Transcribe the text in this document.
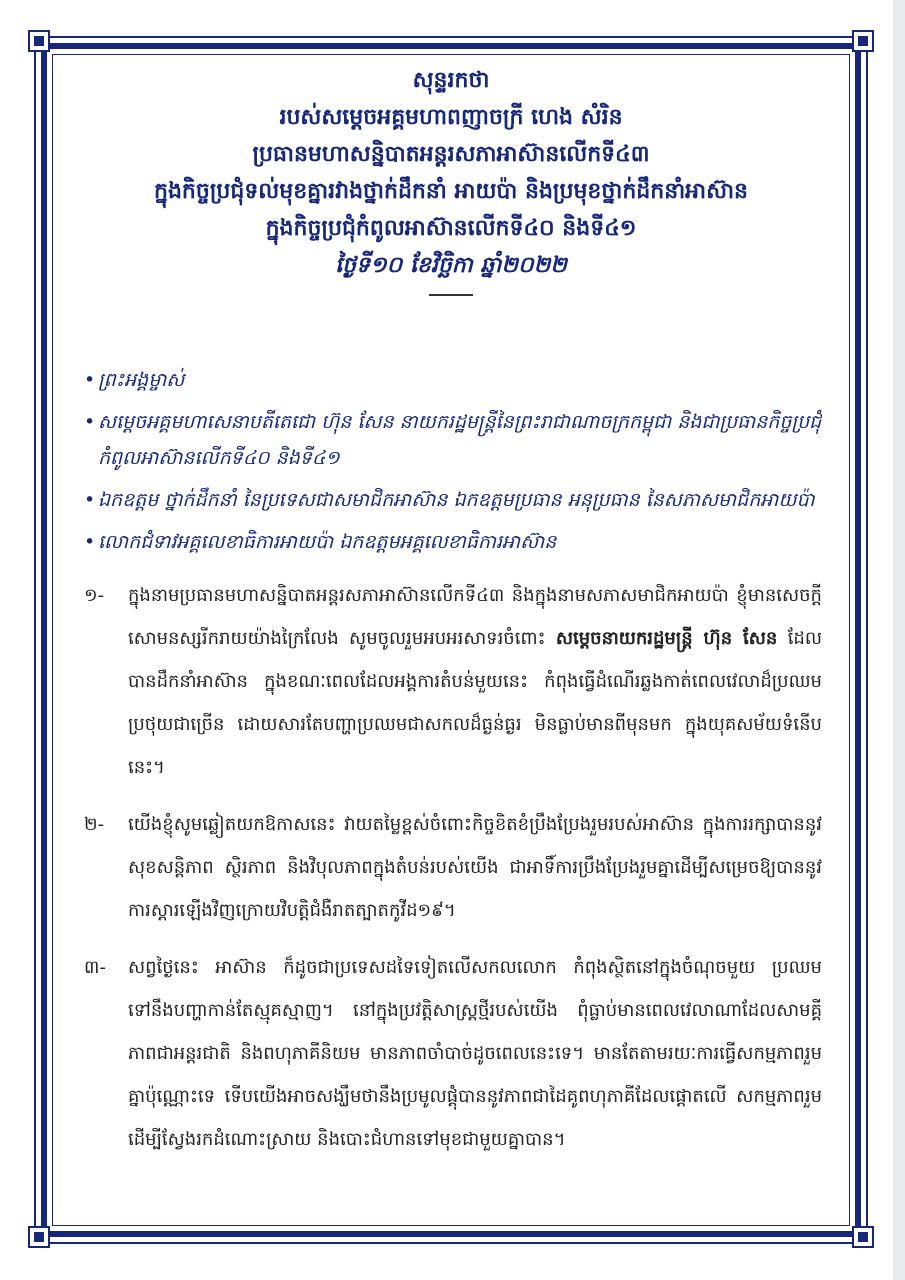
សុន្ទរកថា
របស់សម្ដេចអគ្គមហាពញាចក្រី ហេង សំរិន
ប្រធានមហាសន្និបាតអន្តរសភាអាស៊ានលើកទី៤៣
ក្នុងកិច្ចប្រជុំទល់មុខគ្នារវាងថ្នាក់ដឹកនាំ អាយប៉ា និងប្រមុខថ្នាក់ដឹកនាំអាស៊ាន
ក្នុងកិច្ចប្រជុំកំពូលអាស៊ានលើកទី៤០ និងទី៤១
ថ្ងៃទី១០ ខែវិច្ឆិកា ឆ្នាំ២០២២
• ព្រះអង្គម្ចាស់
• សម្ដេចអគ្គមហាសេនាបតីតេជោ ហ៊ុន សែន នាយករដ្ឋមន្ត្រីនៃព្រះរាជាណាចក្រកម្ពុជា និងជាប្រធានកិច្ចប្រជុំកំពូលអាស៊ានលើកទី៤០ និងទី៤១
• ឯកឧត្តម ថ្នាក់ដឹកនាំ នៃប្រទេសជាសមាជិកអាស៊ាន ឯកឧត្តមប្រធាន អនុប្រធាន នៃសភាសមាជិកអាយប៉ា
• លោកជំទាវអគ្គលេខាធិការអាយប៉ា ឯកឧត្តមអគ្គលេខាធិការអាស៊ាន
១- ក្នុងនាមប្រធានមហាសន្និបាតអន្តរសភាអាស៊ានលើកទី៤៣ និងក្នុងនាមសភាសមាជិកអាយប៉ា ខ្ញុំមានសេចក្ដីសោមនស្សរីករាយយ៉ាងក្រៃលែង សូមចូលរួមអបអរសាទរចំពោះ សម្ដេចនាយករដ្ឋមន្ត្រី ហ៊ុន សែន ដែលបានដឹកនាំអាស៊ាន ក្នុងខណៈពេលដែលអង្គការតំបន់មួយនេះ កំពុងធ្វើដំណើរឆ្លងកាត់ពេលវេលាដ៏ប្រឈមប្រថុយជាច្រើន ដោយសារតែបញ្ហាប្រឈមជាសកលដ៏ធ្ងន់ធ្ងរ មិនធ្លាប់មានពីមុនមក ក្នុងយុគសម័យទំនើបនេះ។
២- យើងខ្ញុំសូមឆ្លៀតយកឱកាសនេះ វាយតម្លៃខ្ពស់ចំពោះកិច្ចខិតខំប្រឹងប្រែងរួមរបស់អាស៊ាន ក្នុងការរក្សាបាននូវសុខសន្តិភាព ស្ថិរភាព និងវិបុលភាពក្នុងតំបន់របស់យើង ជាអាទិ៍ការប្រឹងប្រែងរួមគ្នាដើម្បីសម្រេចឱ្យបាននូវការស្តារឡើងវិញក្រោយវិបត្តិជំងឺរាតត្បាតកូវីដ១៩។
៣- សព្វថ្ងៃនេះ អាស៊ាន ក៏ដូចជាប្រទេសដទៃទៀតលើសកលលោក កំពុងស្ថិតនៅក្នុងចំណុចមួយ ប្រឈមទៅនឹងបញ្ហាកាន់តែស្មុគស្មាញ។ នៅក្នុងប្រវត្តិសាស្ត្រថ្មីរបស់យើង ពុំធ្លាប់មានពេលវេលាណាដែលសាមគ្គីភាពជាអន្តរជាតិ និងពហុភាគីនិយម មានភាពចាំបាច់ដូចពេលនេះទេ។ មានតែតាមរយៈការធ្វើសកម្មភាពរួមគ្នាប៉ុណ្ណោះទេ ទើបយើងអាចសង្ឃឹមថានឹងប្រមូលផ្តុំបាននូវភាពជាដៃគូពហុភាគីដែលផ្តោតលើ សកម្មភាពរួម ដើម្បីស្វែងរកដំណោះស្រាយ និងបោះជំហានទៅមុខជាមួយគ្នាបាន។
